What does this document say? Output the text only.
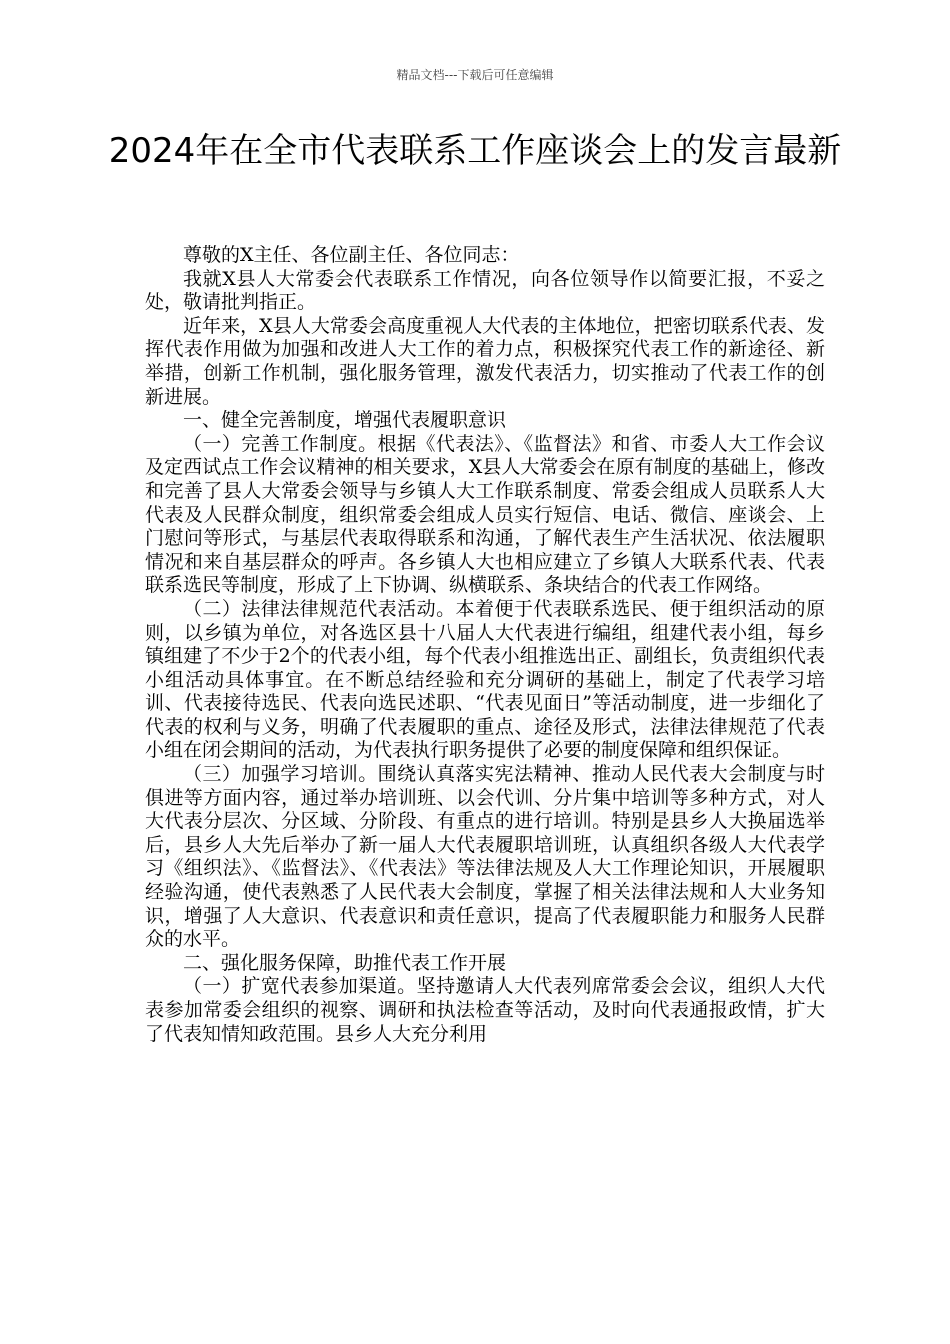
精品文档---下载后可任意编辑
2024年在全市代表联系工作座谈会上的发言最新

尊敬的X主任、各位副主任、各位同志：

我就X县人大常委会代表联系工作情况，向各位领导作以简要汇报，不妥之处，敬请批判指正。

近年来，X县人大常委会高度重视人大代表的主体地位，把密切联系代表、发挥代表作用做为加强和改进人大工作的着力点，积极探究代表工作的新途径、新举措，创新工作机制，强化服务管理，激发代表活力，切实推动了代表工作的创新进展。

一、健全完善制度，增强代表履职意识

（一）完善工作制度。根据《代表法》、《监督法》和省、市委人大工作会议及定西试点工作会议精神的相关要求，X县人大常委会在原有制度的基础上，修改和完善了县人大常委会领导与乡镇人大工作联系制度、常委会组成人员联系人大代表及人民群众制度，组织常委会组成人员实行短信、电话、微信、座谈会、上门慰问等形式，与基层代表取得联系和沟通，了解代表生产生活状况、依法履职情况和来自基层群众的呼声。各乡镇人大也相应建立了乡镇人大联系代表、代表联系选民等制度，形成了上下协调、纵横联系、条块结合的代表工作网络。

（二）法律法律规范代表活动。本着便于代表联系选民、便于组织活动的原则，以乡镇为单位，对各选区县十八届人大代表进行编组，组建代表小组，每乡镇组建了不少于2个的代表小组，每个代表小组推选出正、副组长，负责组织代表小组活动具体事宜。在不断总结经验和充分调研的基础上，制定了代表学习培训、代表接待选民、代表向选民述职、“代表见面日”等活动制度，进一步细化了代表的权利与义务，明确了代表履职的重点、途径及形式，法律法律规范了代表小组在闭会期间的活动，为代表执行职务提供了必要的制度保障和组织保证。

（三）加强学习培训。围绕认真落实宪法精神、推动人民代表大会制度与时俱进等方面内容，通过举办培训班、以会代训、分片集中培训等多种方式，对人大代表分层次、分区域、分阶段、有重点的进行培训。特别是县乡人大换届选举后，县乡人大先后举办了新一届人大代表履职培训班，认真组织各级人大代表学习《组织法》、《监督法》、《代表法》等法律法规及人大工作理论知识，开展履职经验沟通，使代表熟悉了人民代表大会制度，掌握了相关法律法规和人大业务知识，增强了人大意识、代表意识和责任意识，提高了代表履职能力和服务人民群众的水平。

二、强化服务保障，助推代表工作开展

（一）扩宽代表参加渠道。坚持邀请人大代表列席常委会会议，组织人大代表参加常委会组织的视察、调研和执法检查等活动，及时向代表通报政情，扩大了代表知情知政范围。县乡人大充分利用
